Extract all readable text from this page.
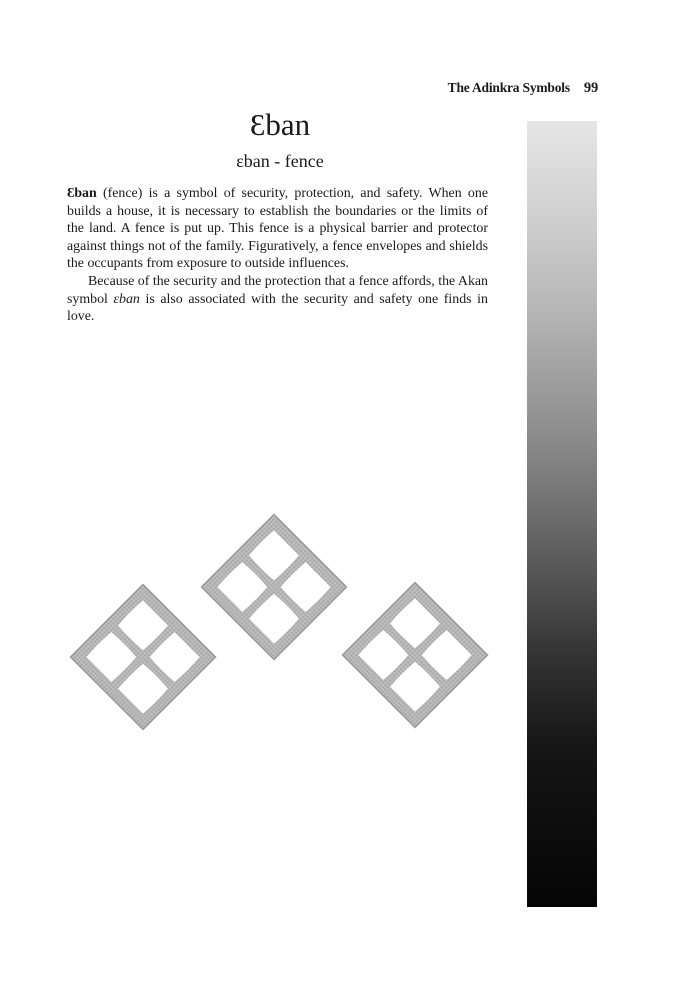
The Adinkra Symbols 99
Ɛban
ɛban - fence

Ɛban (fence) is a symbol of security, protection, and safety. When one builds a house, it is necessary to establish the boundaries or the limits of the land. A fence is put up. This fence is a physical barrier and protector against things not of the family. Figuratively, a fence envelopes and shields the occupants from exposure to outside influences.

Because of the security and the protection that a fence affords, the Akan symbol ɛban is also associated with the security and safety one finds in love.
